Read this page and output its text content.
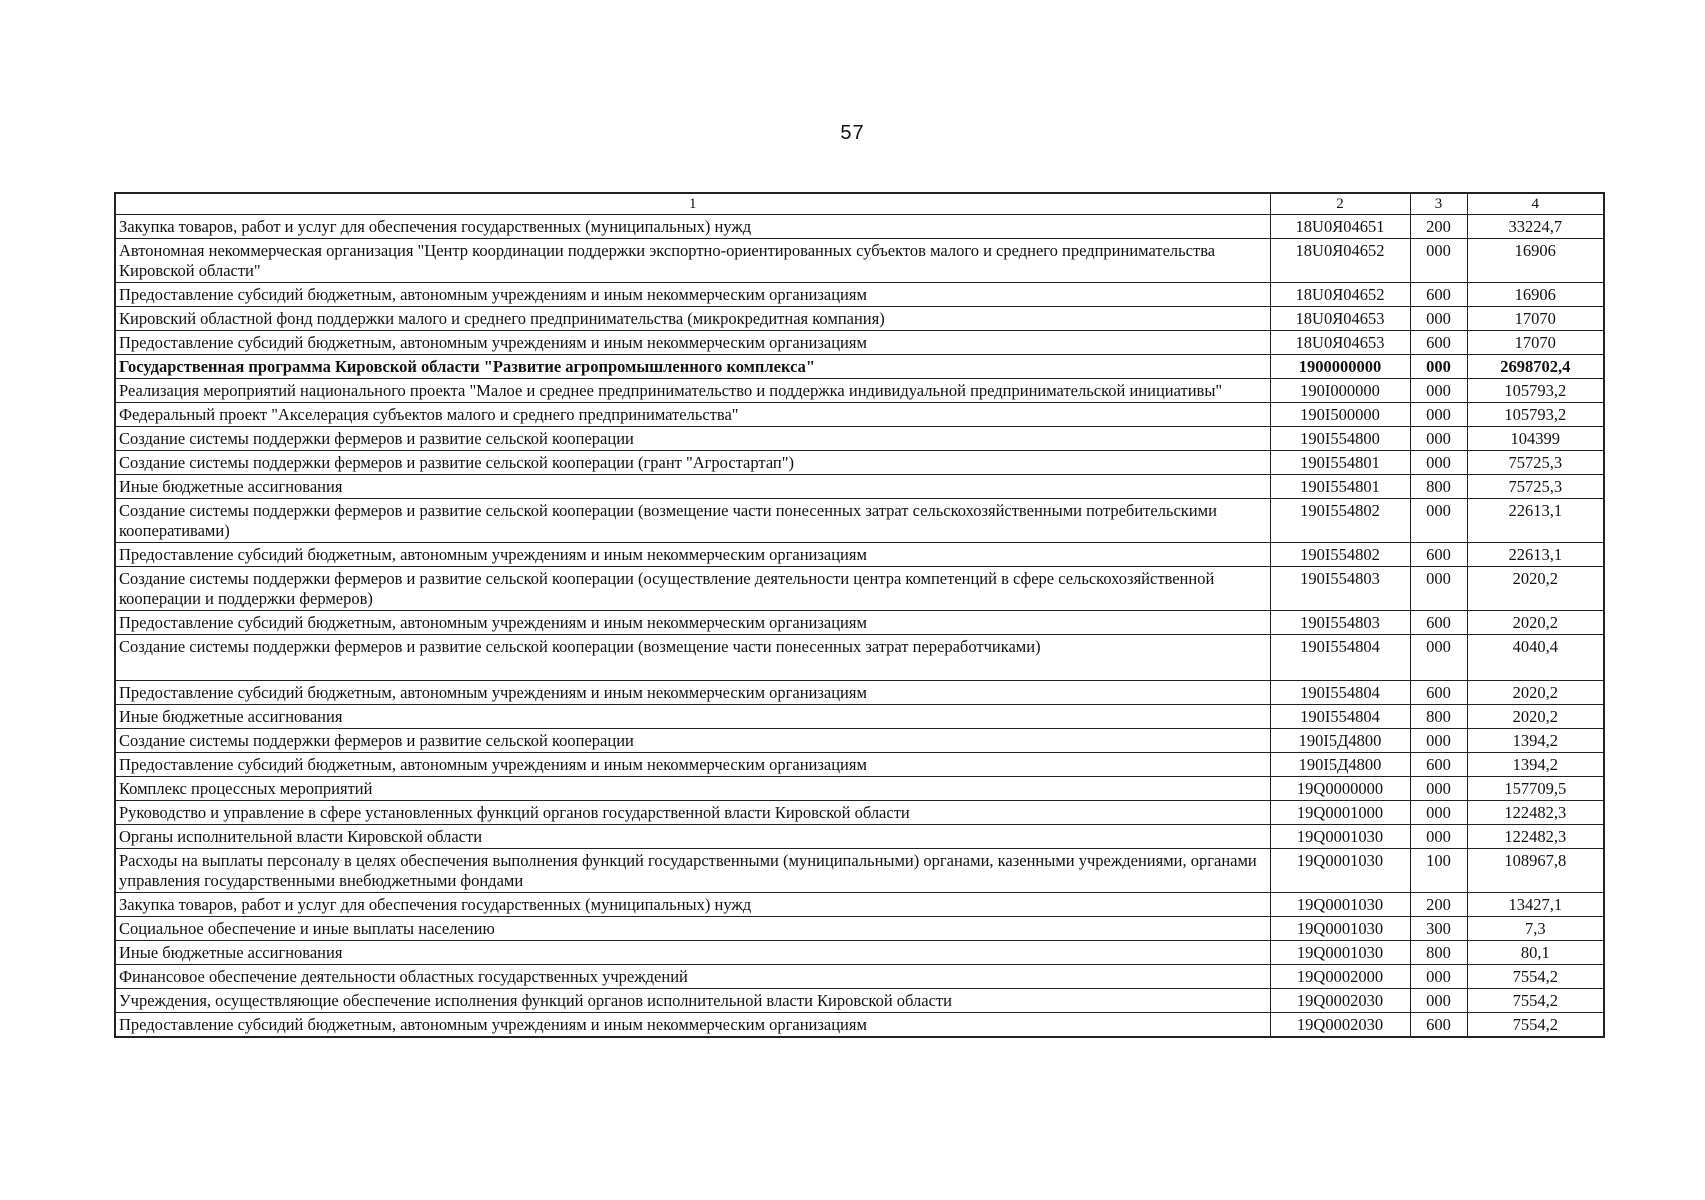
57
1	2	3	4
Закупка товаров, работ и услуг для обеспечения государственных (муниципальных) нужд	18U0Я04651	200	33224,7
Автономная некоммерческая организация "Центр координации поддержки экспортно-ориентированных субъектов малого и среднего предпринимательства Кировской области"	18U0Я04652	000	16906
Предоставление субсидий бюджетным, автономным учреждениям и иным некоммерческим организациям	18U0Я04652	600	16906
Кировский областной фонд поддержки малого и среднего предпринимательства (микрокредитная компания)	18U0Я04653	000	17070
Предоставление субсидий бюджетным, автономным учреждениям и иным некоммерческим организациям	18U0Я04653	600	17070
Государственная программа Кировской области "Развитие агропромышленного комплекса"	1900000000	000	2698702,4
Реализация мероприятий национального проекта "Малое и среднее предпринимательство и поддержка индивидуальной предпринимательской инициативы"	190I000000	000	105793,2
Федеральный проект "Акселерация субъектов малого и среднего предпринимательства"	190I500000	000	105793,2
Создание системы поддержки фермеров и развитие сельской кооперации	190I554800	000	104399
Создание системы поддержки фермеров и развитие сельской кооперации (грант "Агростартап")	190I554801	000	75725,3
Иные бюджетные ассигнования	190I554801	800	75725,3
Создание системы поддержки фермеров и развитие сельской кооперации (возмещение части понесенных затрат сельскохозяйственными потребительскими кооперативами)	190I554802	000	22613,1
Предоставление субсидий бюджетным, автономным учреждениям и иным некоммерческим организациям	190I554802	600	22613,1
Создание системы поддержки фермеров и развитие сельской кооперации (осуществление деятельности центра компетенций в сфере сельскохозяйственной кооперации и поддержки фермеров)	190I554803	000	2020,2
Предоставление субсидий бюджетным, автономным учреждениям и иным некоммерческим организациям	190I554803	600	2020,2
Создание системы поддержки фермеров и развитие сельской кооперации (возмещение части понесенных затрат переработчиками)	190I554804	000	4040,4
Предоставление субсидий бюджетным, автономным учреждениям и иным некоммерческим организациям	190I554804	600	2020,2
Иные бюджетные ассигнования	190I554804	800	2020,2
Создание системы поддержки фермеров и развитие сельской кооперации	190I5Д4800	000	1394,2
Предоставление субсидий бюджетным, автономным учреждениям и иным некоммерческим организациям	190I5Д4800	600	1394,2
Комплекс процессных мероприятий	19Q0000000	000	157709,5
Руководство и управление в сфере установленных функций органов государственной власти Кировской области	19Q0001000	000	122482,3
Органы исполнительной власти Кировской области	19Q0001030	000	122482,3
Расходы на выплаты персоналу в целях обеспечения выполнения функций государственными (муниципальными) органами, казенными учреждениями, органами управления государственными внебюджетными фондами	19Q0001030	100	108967,8
Закупка товаров, работ и услуг для обеспечения государственных (муниципальных) нужд	19Q0001030	200	13427,1
Социальное обеспечение и иные выплаты населению	19Q0001030	300	7,3
Иные бюджетные ассигнования	19Q0001030	800	80,1
Финансовое обеспечение деятельности областных государственных учреждений	19Q0002000	000	7554,2
Учреждения, осуществляющие обеспечение исполнения функций органов исполнительной власти Кировской области	19Q0002030	000	7554,2
Предоставление субсидий бюджетным, автономным учреждениям и иным некоммерческим организациям	19Q0002030	600	7554,2
